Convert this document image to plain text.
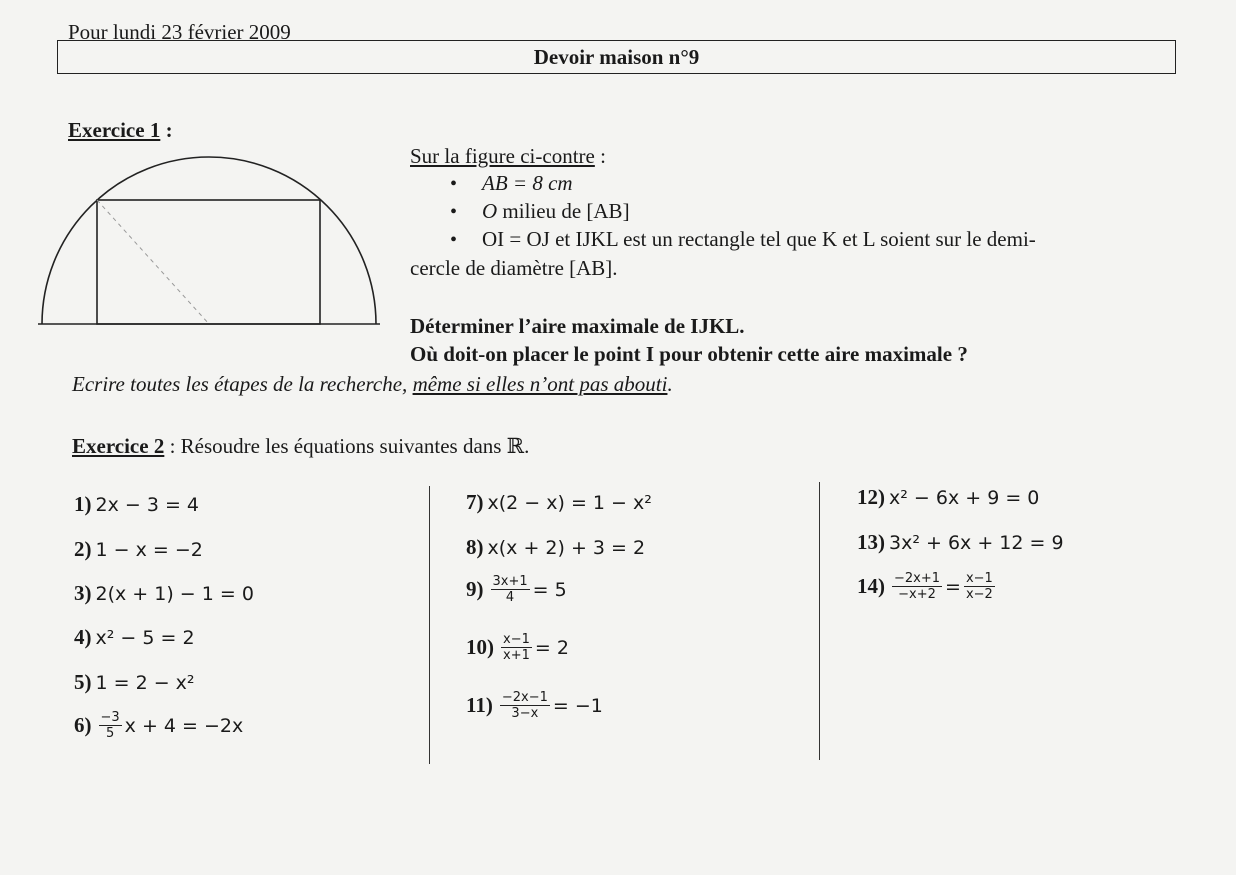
Pour lundi 23 février 2009
Devoir maison n°9
Exercice 1 :
Sur la figure ci-contre :
• AB = 8 cm
• O milieu de [AB]
• OI = OJ et IJKL est un rectangle tel que K et L soient sur le demi-
cercle de diamètre [AB].
Déterminer l’aire maximale de IJKL.
Où doit-on placer le point I pour obtenir cette aire maximale ?
Ecrire toutes les étapes de la recherche, même si elles n’ont pas abouti.
Exercice 2 : Résoudre les équations suivantes dans ℝ.
1)
2x − 3 = 4
2)
1 − x = −2
3)
2(x + 1) − 1 = 0
4)
x² − 5 = 2
5)
1 = 2 − x²
6)
$\frac{-3}{5}$ x + 4 = −2x
7)
x(2 − x) = 1 − x²
8)
x(x + 2) + 3 = 2
9)
$\frac{3x+1}{4} = 5$
10)
$\frac{x-1}{x+1} = 2$
11)
$\frac{-2x-1}{3-x} = -1$
12)
x² − 6x + 9 = 0
13)
3x² + 6x + 12 = 9
14)
$\frac{-2x+1}{-x+2} = \frac{x-1}{x-2}$
